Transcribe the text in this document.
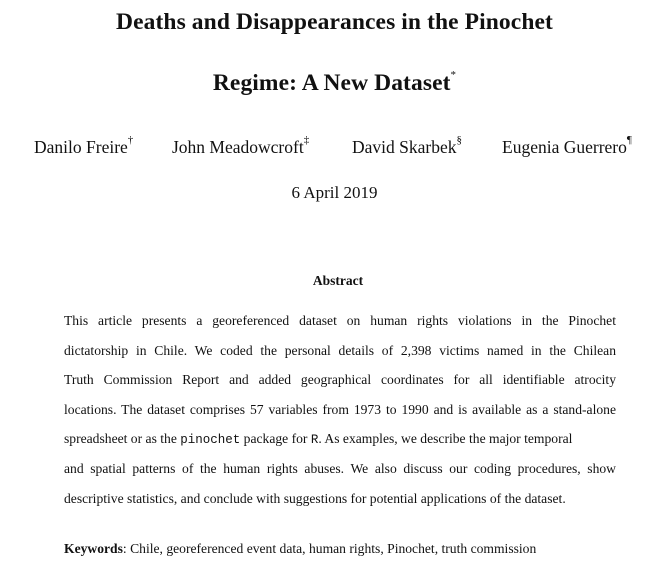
Deaths and Disappearances in the Pinochet
Regime: A New Dataset*
Danilo Freire† John Meadowcroft‡ David Skarbek§ Eugenia Guerrero¶
6 April 2019
Abstract
This article presents a georeferenced dataset on human rights violations in the Pinochet
dictatorship in Chile. We coded the personal details of 2,398 victims named in the Chilean
Truth Commission Report and added geographical coordinates for all identifiable atrocity
locations. The dataset comprises 57 variables from 1973 to 1990 and is available as a stand-alone
spreadsheet or as the pinochet package for R. As examples, we describe the major temporal
and spatial patterns of the human rights abuses. We also discuss our coding procedures, show
descriptive statistics, and conclude with suggestions for potential applications of the dataset.
Keywords: Chile, georeferenced event data, human rights, Pinochet, truth commission
